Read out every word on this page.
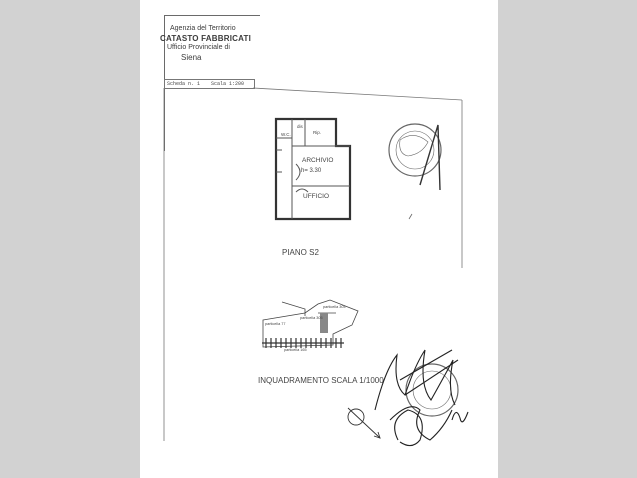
Agenzia del Territorio
CATASTO FABBRICATI
Ufficio Provinciale di
Siena
Scheda n. 1 Scala 1:200
W.C.	Rip.
dis
ARCHIVIO
h= 3.30
UFFICIO
PIANO S2
particella 304
particella 305
particella 77
particella 165
INQUADRAMENTO SCALA 1/1000
